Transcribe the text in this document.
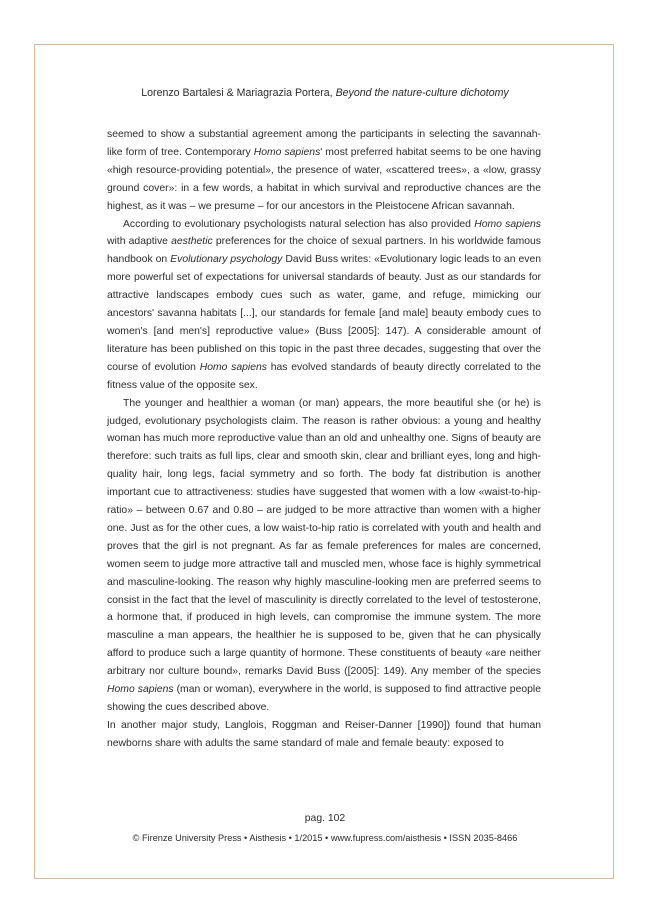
Lorenzo Bartalesi & Mariagrazia Portera, Beyond the nature-culture dichotomy

seemed to show a substantial agreement among the participants in selecting the savannah-like form of tree. Contemporary Homo sapiens' most preferred habitat seems to be one having «high resource-providing potential», the presence of water, «scattered trees», a «low, grassy ground cover»: in a few words, a habitat in which survival and reproductive chances are the highest, as it was – we presume – for our ancestors in the Pleistocene African savannah.

According to evolutionary psychologists natural selection has also provided Homo sapiens with adaptive aesthetic preferences for the choice of sexual partners. In his worldwide famous handbook on Evolutionary psychology David Buss writes: «Evolutionary logic leads to an even more powerful set of expectations for universal standards of beauty. Just as our standards for attractive landscapes embody cues such as water, game, and refuge, mimicking our ancestors' savanna habitats [...], our standards for female [and male] beauty embody cues to women's [and men's] reproductive value» (Buss [2005]: 147). A considerable amount of literature has been published on this topic in the past three decades, suggesting that over the course of evolution Homo sapiens has evolved standards of beauty directly correlated to the fitness value of the opposite sex.

The younger and healthier a woman (or man) appears, the more beautiful she (or he) is judged, evolutionary psychologists claim. The reason is rather obvious: a young and healthy woman has much more reproductive value than an old and unhealthy one. Signs of beauty are therefore: such traits as full lips, clear and smooth skin, clear and brilliant eyes, long and high-quality hair, long legs, facial symmetry and so forth. The body fat distribution is another important cue to attractiveness: studies have suggested that women with a low «waist-to-hip-ratio» – between 0.67 and 0.80 – are judged to be more attractive than women with a higher one. Just as for the other cues, a low waist-to-hip ratio is correlated with youth and health and proves that the girl is not pregnant. As far as female preferences for males are concerned, women seem to judge more attractive tall and muscled men, whose face is highly symmetrical and masculine-looking. The reason why highly masculine-looking men are preferred seems to consist in the fact that the level of masculinity is directly correlated to the level of testosterone, a hormone that, if produced in high levels, can compromise the immune system. The more masculine a man appears, the healthier he is supposed to be, given that he can physically afford to produce such a large quantity of hormone. These constituents of beauty «are neither arbitrary nor culture bound», remarks David Buss ([2005]: 149). Any member of the species Homo sapiens (man or woman), everywhere in the world, is supposed to find attractive people showing the cues described above.

In another major study, Langlois, Roggman and Reiser-Danner [1990]) found that human newborns share with adults the same standard of male and female beauty: exposed to

pag. 102
© Firenze University Press • Aisthesis • 1/2015 • www.fupress.com/aisthesis • ISSN 2035-8466
